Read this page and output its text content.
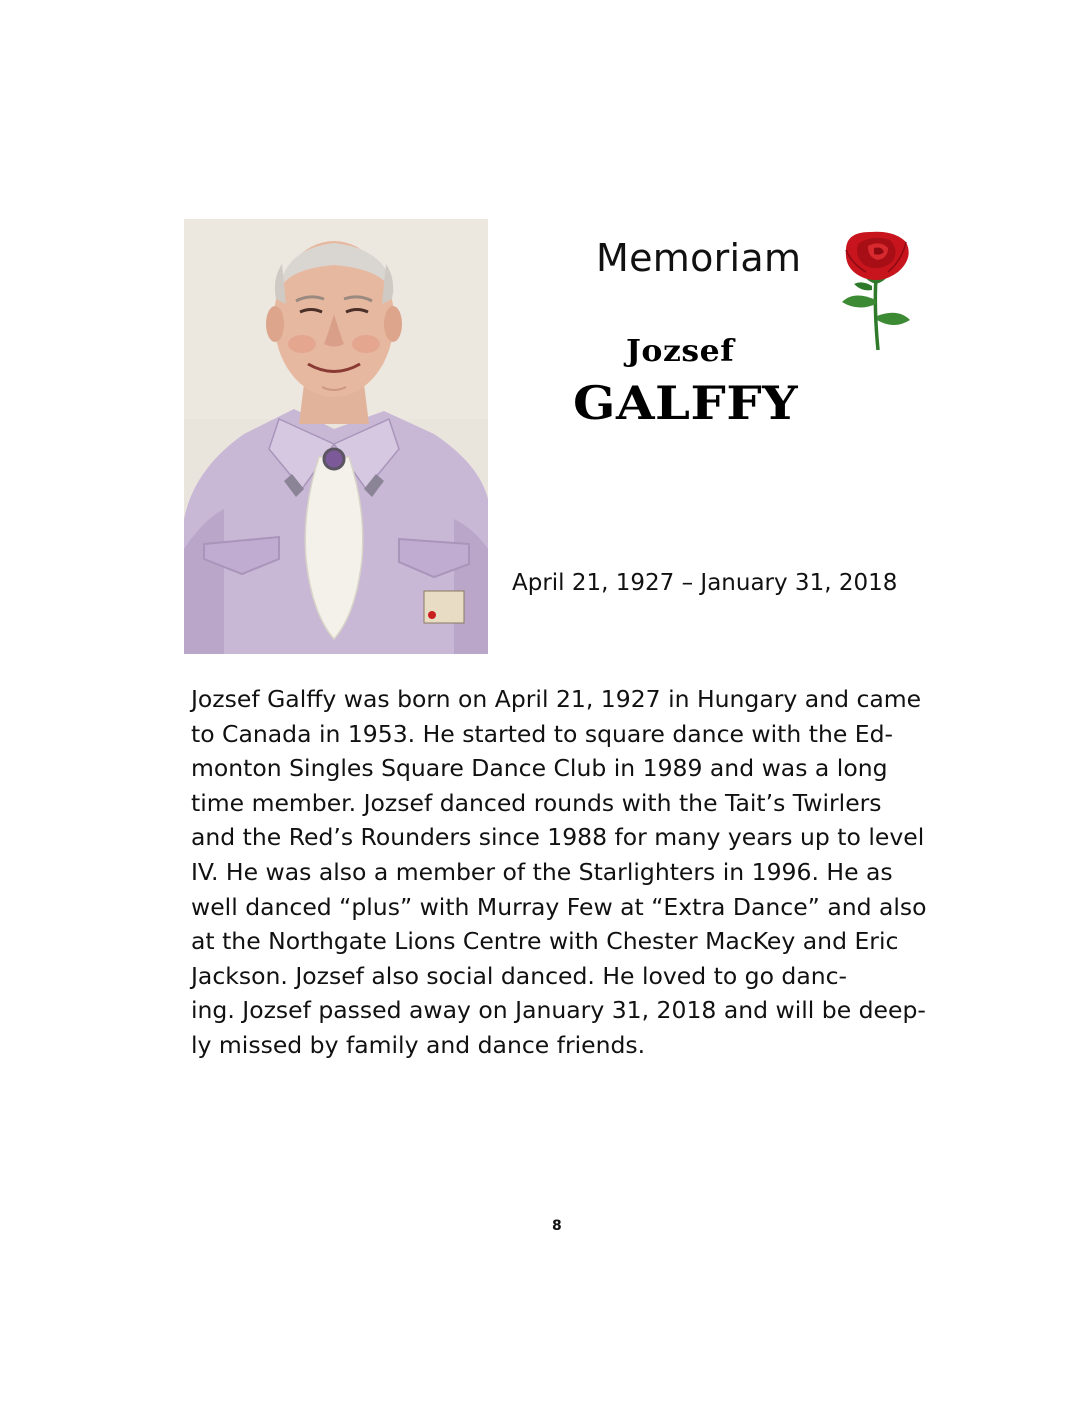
Memoriam
Jozsef
GALFFY
April 21, 1927 – January 31, 2018

Jozsef Galffy was born on April 21, 1927 in Hungary and came
to Canada in 1953. He started to square dance with the Ed-
monton Singles Square Dance Club in 1989 and was a long
time member. Jozsef danced rounds with the Tait’s Twirlers
and the Red’s Rounders since 1988 for many years up to level
IV. He was also a member of the Starlighters in 1996. He as
well danced “plus” with Murray Few at “Extra Dance” and also
at the Northgate Lions Centre with Chester MacKey and Eric
Jackson. Jozsef also social danced. He loved to go danc-
ing. Jozsef passed away on January 31, 2018 and will be deep-
ly missed by family and dance friends.

8
